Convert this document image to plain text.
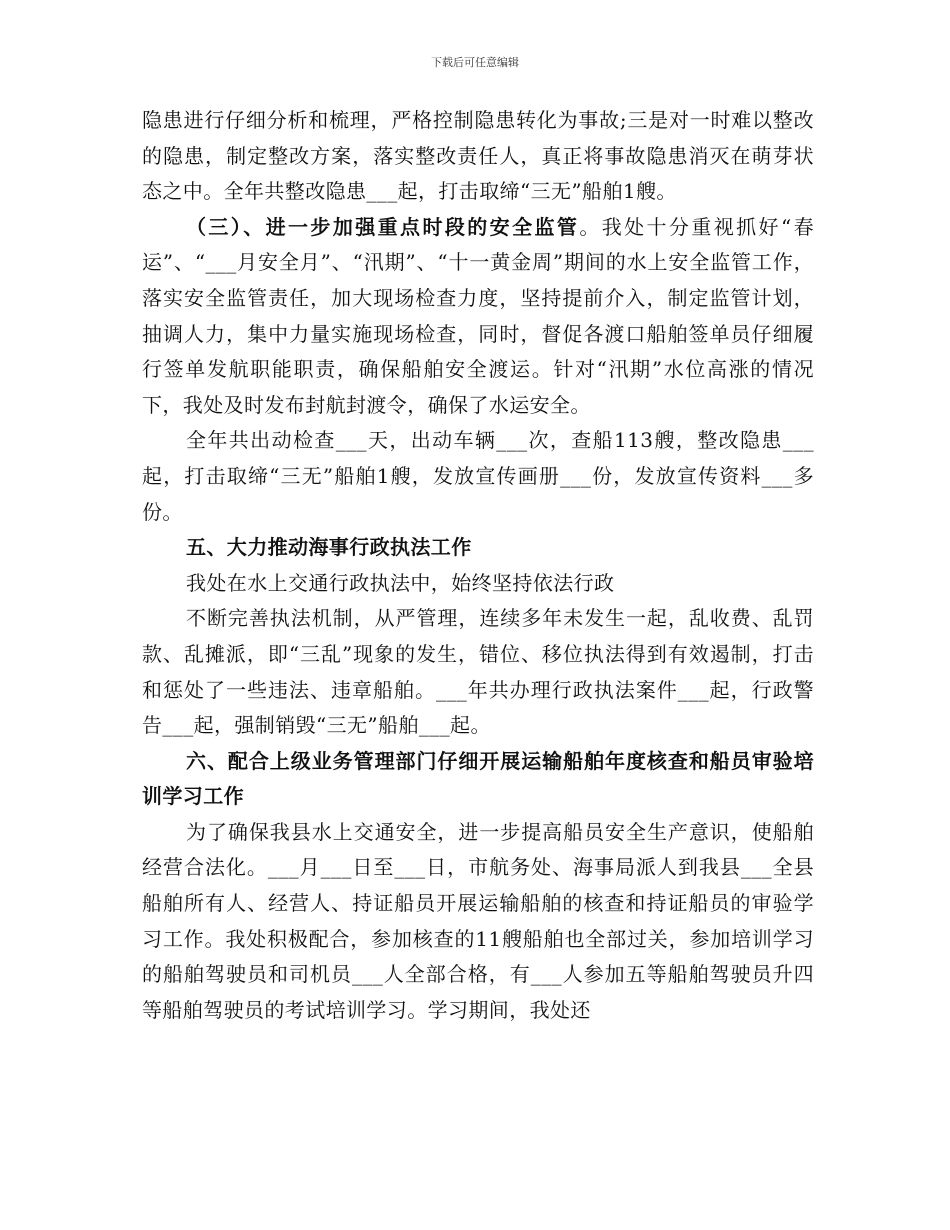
下载后可任意编辑

隐患进行仔细分析和梳理，严格控制隐患转化为事故;三是对一时难以整改的隐患，制定整改方案，落实整改责任人，真正将事故隐患消灭在萌芽状态之中。全年共整改隐患___起，打击取缔“三无”船舶1艘。

（三）、进一步加强重点时段的安全监管。我处十分重视抓好“春运”、“___月安全月”、“汛期”、“十一黄金周”期间的水上安全监管工作，落实安全监管责任，加大现场检查力度，坚持提前介入，制定监管计划，抽调人力，集中力量实施现场检查，同时，督促各渡口船舶签单员仔细履行签单发航职能职责，确保船舶安全渡运。针对“汛期”水位高涨的情况下，我处及时发布封航封渡令，确保了水运安全。

全年共出动检查___天，出动车辆___次，查船113艘，整改隐患___起，打击取缔“三无”船舶1艘，发放宣传画册___份，发放宣传资料___多份。

五、大力推动海事行政执法工作

我处在水上交通行政执法中，始终坚持依法行政

不断完善执法机制，从严管理，连续多年未发生一起，乱收费、乱罚款、乱摊派，即“三乱”现象的发生，错位、移位执法得到有效遏制，打击和惩处了一些违法、违章船舶。___年共办理行政执法案件___起，行政警告___起，强制销毁“三无”船舶___起。

六、配合上级业务管理部门仔细开展运输船舶年度核查和船员审验培训学习工作

为了确保我县水上交通安全，进一步提高船员安全生产意识，使船舶经营合法化。___月___日至___日，市航务处、海事局派人到我县___全县船舶所有人、经营人、持证船员开展运输船舶的核查和持证船员的审验学习工作。我处积极配合，参加核查的11艘船舶也全部过关，参加培训学习的船舶驾驶员和司机员___人全部合格，有___人参加五等船舶驾驶员升四等船舶驾驶员的考试培训学习。学习期间，我处还
